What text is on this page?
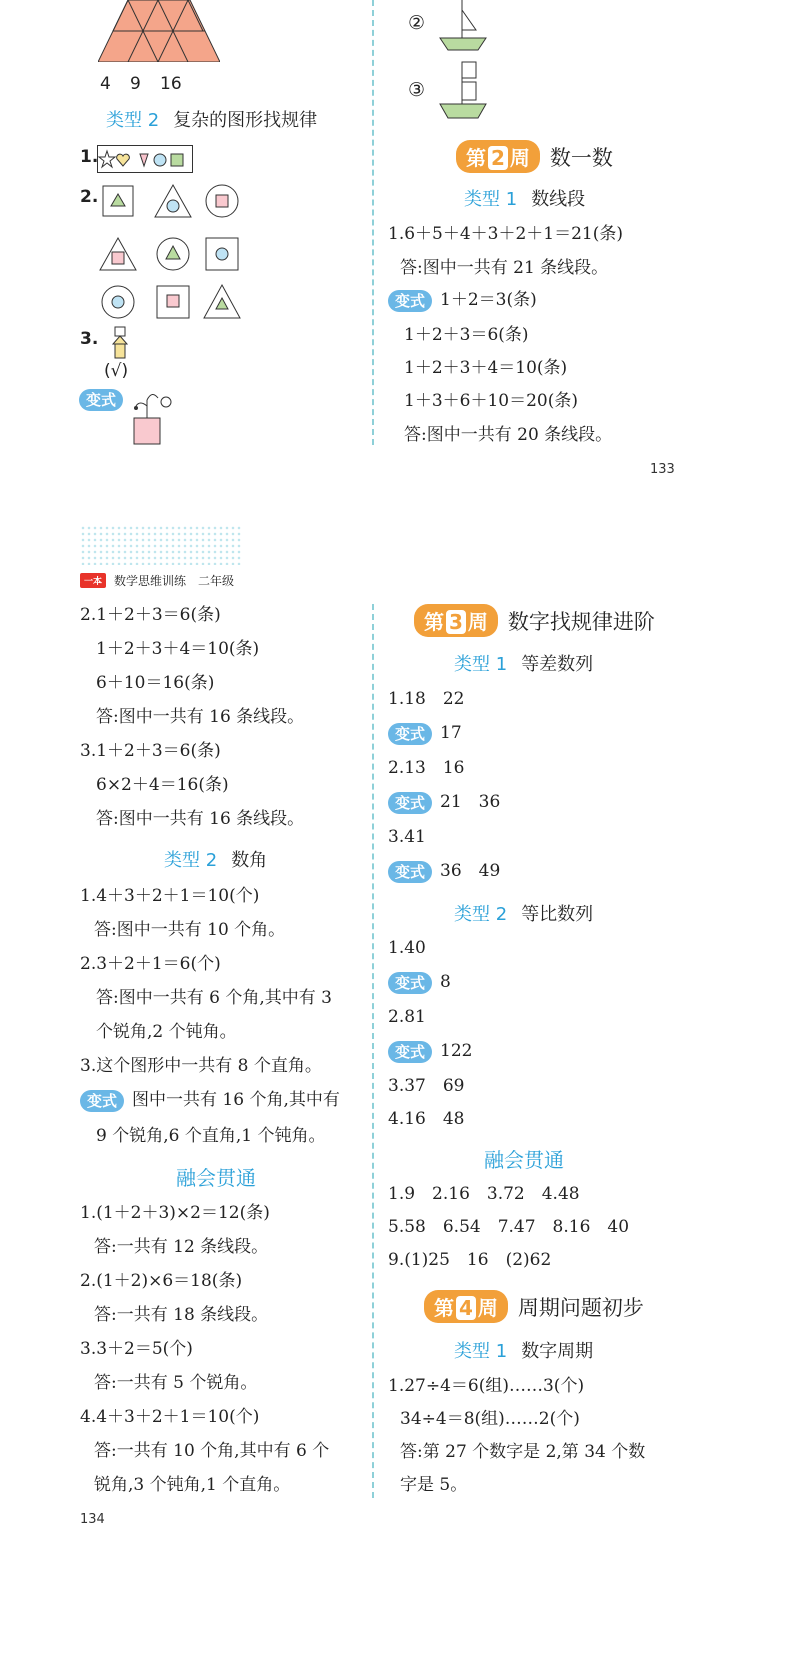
4 9 16
类型 2 复杂的图形找规律
1.
2.
3.
(√)
变式
②
③
第 2 周 数一数
类型 1 数线段
1.6＋5＋4＋3＋2＋1＝21(条)
答:图中一共有 21 条线段。
变式 1＋2＝3(条)
1＋2＋3＝6(条)
1＋2＋3＋4＝10(条)
1＋3＋6＋10＝20(条)
答:图中一共有 20 条线段。
133
一本	数学思维训练　二年级
2.1＋2＋3＝6(条)
1＋2＋3＋4＝10(条)
6＋10＝16(条)
答:图中一共有 16 条线段。
3.1＋2＋3＝6(条)
6×2＋4＝16(条)
答:图中一共有 16 条线段。
类型 2 数角
1.4＋3＋2＋1＝10(个)
答:图中一共有 10 个角。
2.3＋2＋1＝6(个)
答:图中一共有 6 个角,其中有 3
个锐角,2 个钝角。
3.这个图形中一共有 8 个直角。
变式 图中一共有 16 个角,其中有
9 个锐角,6 个直角,1 个钝角。
融会贯通
1.(1＋2＋3)×2＝12(条)
答:一共有 12 条线段。
2.(1＋2)×6＝18(条)
答:一共有 18 条线段。
3.3＋2＝5(个)
答:一共有 5 个锐角。
4.4＋3＋2＋1＝10(个)
答:一共有 10 个角,其中有 6 个
锐角,3 个钝角,1 个直角。
134
第 3 周 数字找规律进阶
类型 1 等差数列
1.18　22
变式 17
2.13　16
变式 21　36
3.41
变式 36　49
类型 2 等比数列
1.40
变式 8
2.81
变式 122
3.37　69
4.16　48
融会贯通
1.9　2.16　3.72　4.48
5.58　6.54　7.47　8.16　40
9.(1)25　16　(2)62
第 4 周 周期问题初步
类型 1 数字周期
1.27÷4＝6(组)……3(个)
34÷4＝8(组)……2(个)
答:第 27 个数字是 2,第 34 个数
字是 5。
